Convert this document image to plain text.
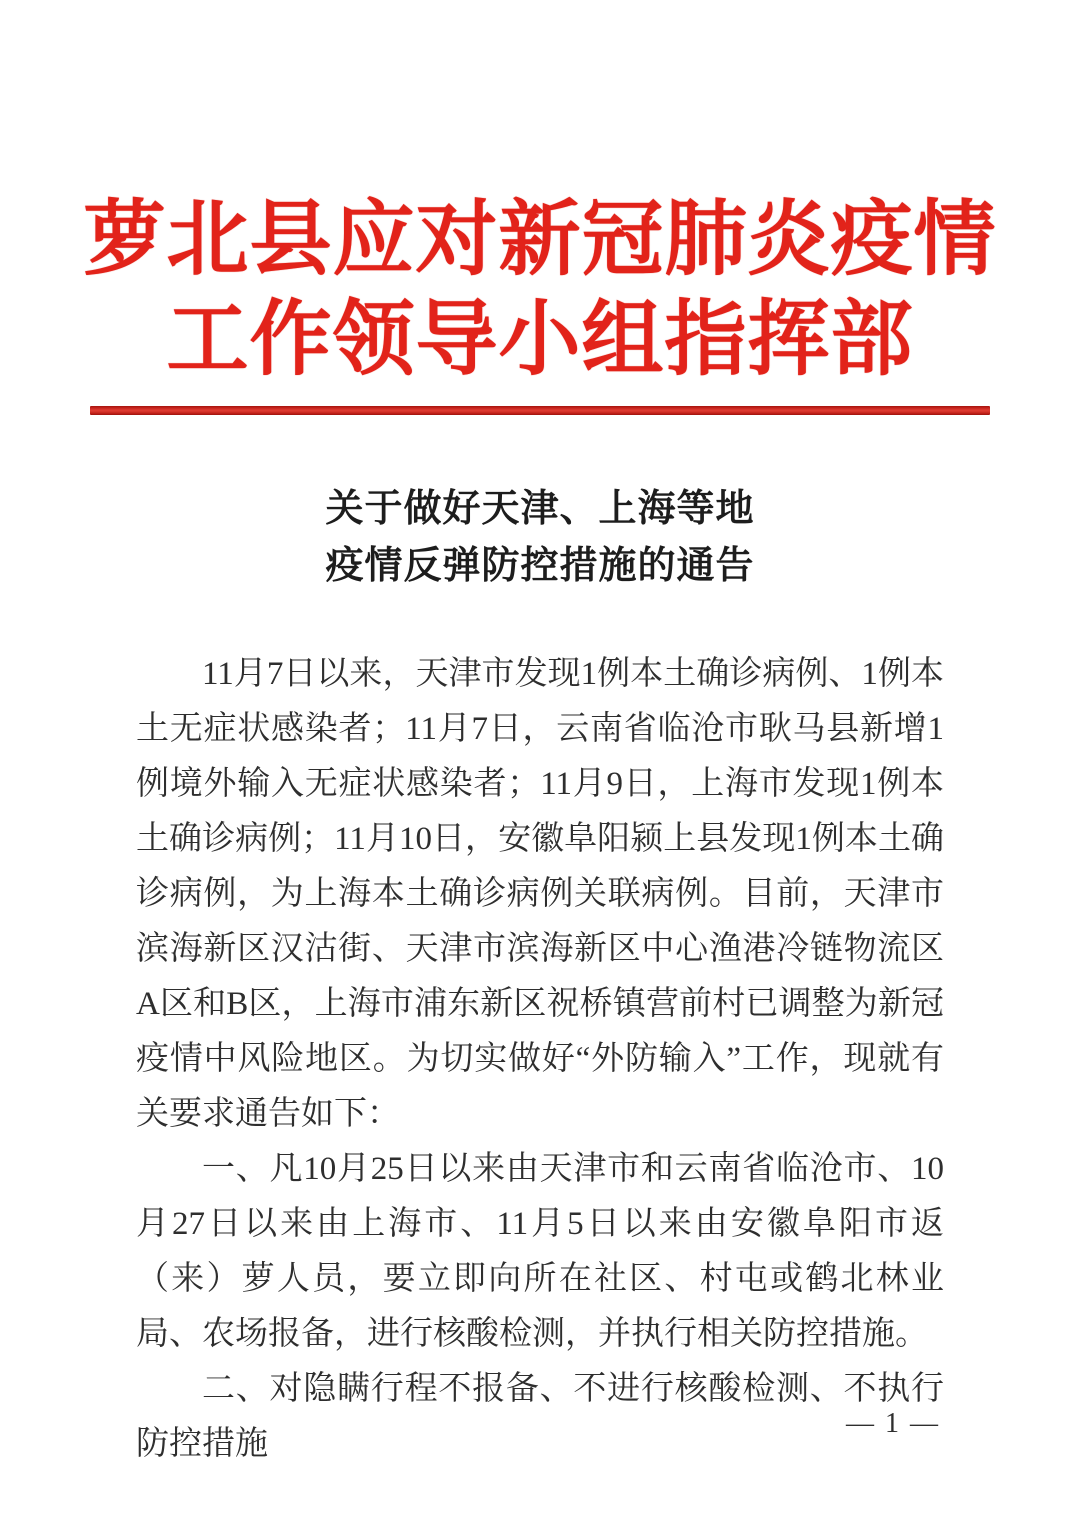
萝北县应对新冠肺炎疫情
工作领导小组指挥部
关于做好天津、上海等地
疫情反弹防控措施的通告

11月7日以来，天津市发现1例本土确诊病例、1例本土无症状感染者；11月7日，云南省临沧市耿马县新增1例境外输入无症状感染者；11月9日，上海市发现1例本土确诊病例；11月10日，安徽阜阳颍上县发现1例本土确诊病例，为上海本土确诊病例关联病例。目前，天津市滨海新区汉沽街、天津市滨海新区中心渔港冷链物流区A区和B区，上海市浦东新区祝桥镇营前村已调整为新冠疫情中风险地区。为切实做好“外防输入”工作，现就有关要求通告如下：

一、凡10月25日以来由天津市和云南省临沧市、10月27日以来由上海市、11月5日以来由安徽阜阳市返（来）萝人员，要立即向所在社区、村屯或鹤北林业局、农场报备，进行核酸检测，并执行相关防控措施。

二、对隐瞒行程不报备、不进行核酸检测、不执行防控措施

— 1 —
